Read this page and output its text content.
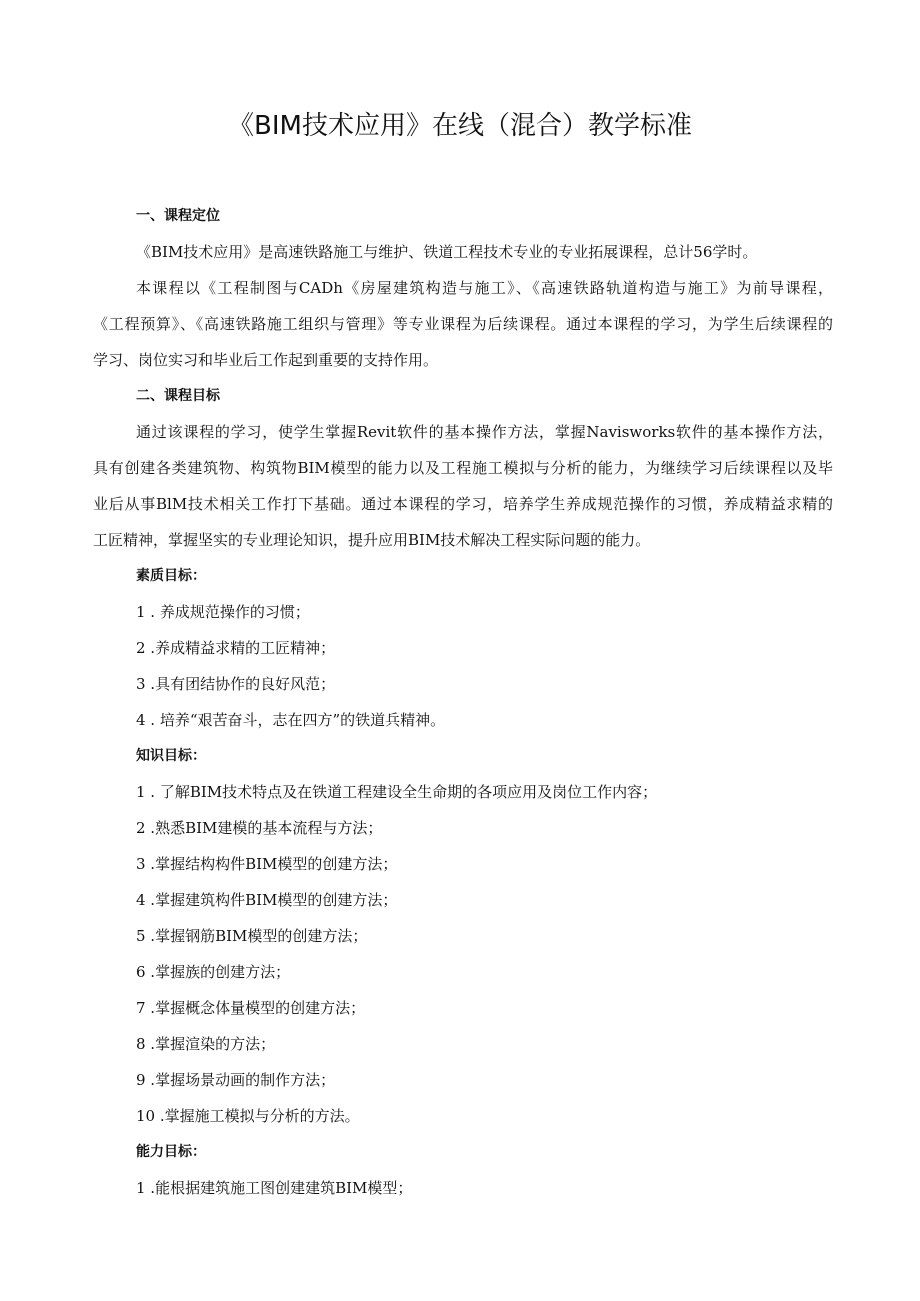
《BIM技术应用》在线（混合）教学标准
一、课程定位
《BIM技术应用》是高速铁路施工与维护、铁道工程技术专业的专业拓展课程，总计56学时。
本课程以《工程制图与CADh《房屋建筑构造与施工》、《高速铁路轨道构造与施工》为前导课程，
《工程预算》、《高速铁路施工组织与管理》等专业课程为后续课程。通过本课程的学习，为学生后续课程的
学习、岗位实习和毕业后工作起到重要的支持作用。
二、课程目标
通过该课程的学习，使学生掌握Revit软件的基本操作方法，掌握Navisworks软件的基本操作方法，
具有创建各类建筑物、构筑物BIM模型的能力以及工程施工模拟与分析的能力，为继续学习后续课程以及毕
业后从事BlM技术相关工作打下基础。通过本课程的学习，培养学生养成规范操作的习惯，养成精益求精的
工匠精神，掌握坚实的专业理论知识，提升应用BIM技术解决工程实际问题的能力。
素质目标：
1 . 养成规范操作的习惯；
2 .养成精益求精的工匠精神；
3 .具有团结协作的良好风范；
4 . 培养“艰苦奋斗，志在四方”的铁道兵精神。
知识目标：
1 . 了解BIM技术特点及在铁道工程建设全生命期的各项应用及岗位工作内容；
2 .熟悉BIM建模的基本流程与方法；
3 .掌握结构构件BIM模型的创建方法；
4 .掌握建筑构件BIM模型的创建方法；
5 .掌握钢筋BIM模型的创建方法；
6 .掌握族的创建方法；
7 .掌握概念体量模型的创建方法；
8 .掌握渲染的方法；
9 .掌握场景动画的制作方法；
10 .掌握施工模拟与分析的方法。
能力目标：
1 .能根据建筑施工图创建建筑BIM模型；
